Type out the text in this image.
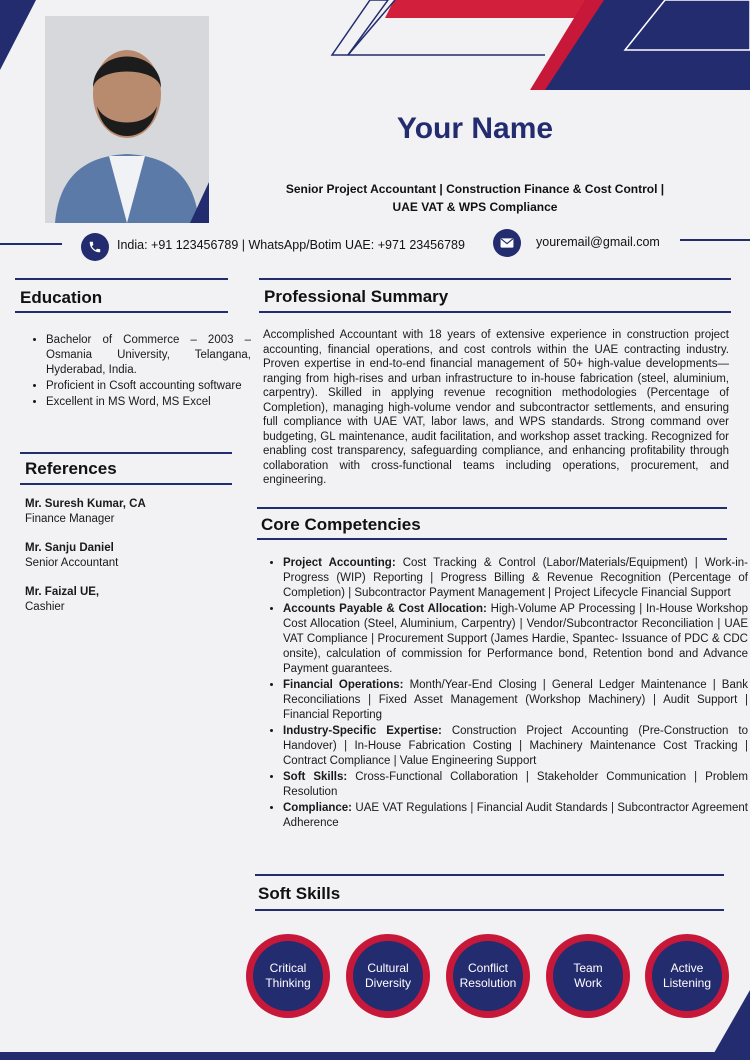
Your Name
Senior Project Accountant | Construction Finance & Cost Control |
UAE VAT & WPS Compliance
India: +91 123456789 | WhatsApp/Botim UAE: +971 23456789	youremail@gmail.com
Education
• Bachelor of Commerce – 2003 – Osmania University, Telangana, Hyderabad, India.
• Proficient in Csoft accounting software
• Excellent in MS Word, MS Excel
References
Mr. Suresh Kumar, CA
Finance Manager
Mr. Sanju Daniel
Senior Accountant
Mr. Faizal UE,
Cashier
Professional Summary
Accomplished Accountant with 18 years of extensive experience in construction project accounting, financial operations, and cost controls within the UAE contracting industry. Proven expertise in end-to-end financial management of 50+ high-value developments—ranging from high-rises and urban infrastructure to in-house fabrication (steel, aluminium, carpentry). Skilled in applying revenue recognition methodologies (Percentage of Completion), managing high-volume vendor and subcontractor settlements, and ensuring full compliance with UAE VAT, labor laws, and WPS standards. Strong command over budgeting, GL maintenance, audit facilitation, and workshop asset tracking. Recognized for enabling cost transparency, safeguarding compliance, and enhancing profitability through collaboration with cross-functional teams including operations, procurement, and engineering.
Core Competencies
• Project Accounting: Cost Tracking & Control (Labor/Materials/Equipment) | Work-in-Progress (WIP) Reporting | Progress Billing & Revenue Recognition (Percentage of Completion) | Subcontractor Payment Management | Project Lifecycle Financial Support
• Accounts Payable & Cost Allocation: High-Volume AP Processing | In-House Workshop Cost Allocation (Steel, Aluminium, Carpentry) | Vendor/Subcontractor Reconciliation | UAE VAT Compliance | Procurement Support (James Hardie, Spantec- Issuance of PDC & CDC onsite), calculation of commission for Performance bond, Retention bond and Advance Payment guarantees.
• Financial Operations: Month/Year-End Closing | General Ledger Maintenance | Bank Reconciliations | Fixed Asset Management (Workshop Machinery) | Audit Support | Financial Reporting
• Industry-Specific Expertise: Construction Project Accounting (Pre-Construction to Handover) | In-House Fabrication Costing | Machinery Maintenance Cost Tracking | Contract Compliance | Value Engineering Support
• Soft Skills: Cross-Functional Collaboration | Stakeholder Communication | Problem Resolution
• Compliance: UAE VAT Regulations | Financial Audit Standards | Subcontractor Agreement Adherence
Soft Skills
Critical
Thinking
Cultural
Diversity
Conflict
Resolution
Team
Work
Active
Listening
